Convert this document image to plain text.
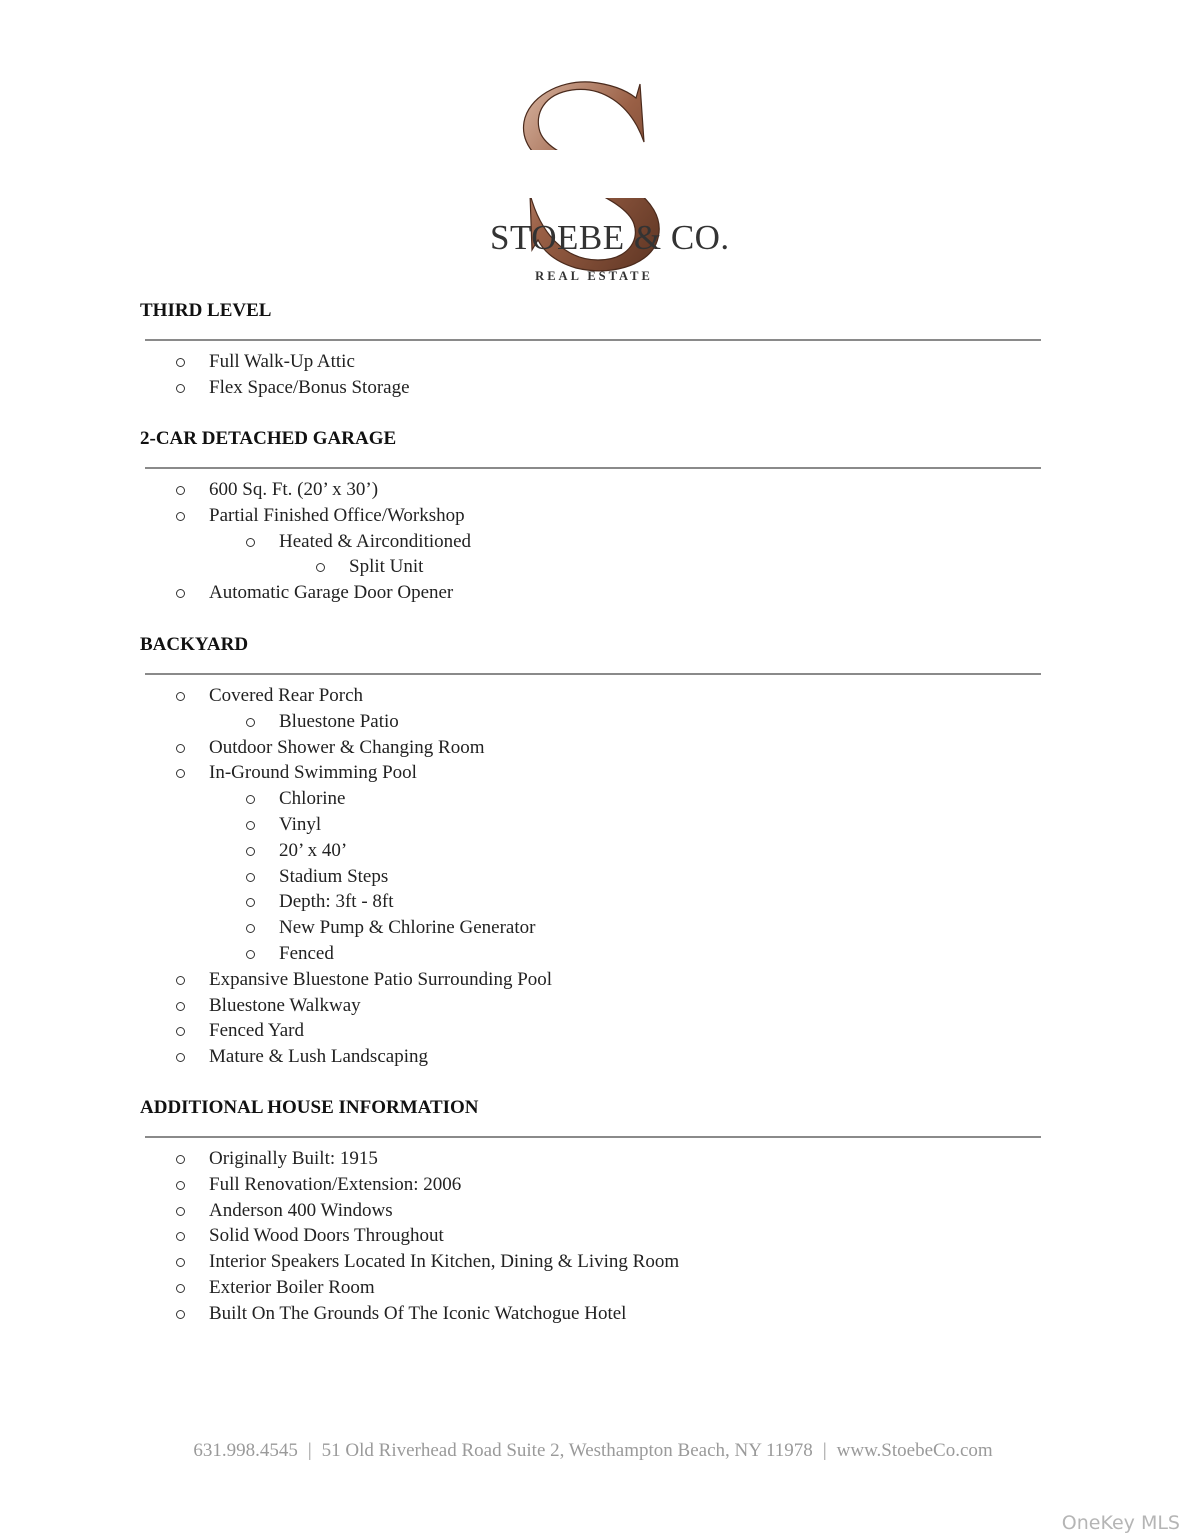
STOEBE & CO.
REAL ESTATE
THIRD LEVEL
Full Walk-Up Attic
Flex Space/Bonus Storage
2-CAR DETACHED GARAGE
600 Sq. Ft. (20’ x 30’)
Partial Finished Office/Workshop
Heated & Airconditioned
Split Unit
Automatic Garage Door Opener
BACKYARD
Covered Rear Porch
Bluestone Patio
Outdoor Shower & Changing Room
In-Ground Swimming Pool
Chlorine
Vinyl
20’ x 40’
Stadium Steps
Depth: 3ft - 8ft
New Pump & Chlorine Generator
Fenced
Expansive Bluestone Patio Surrounding Pool
Bluestone Walkway
Fenced Yard
Mature & Lush Landscaping
ADDITIONAL HOUSE INFORMATION
Originally Built: 1915
Full Renovation/Extension: 2006
Anderson 400 Windows
Solid Wood Doors Throughout
Interior Speakers Located In Kitchen, Dining & Living Room
Exterior Boiler Room
Built On The Grounds Of The Iconic Watchogue Hotel
631.998.4545 | 51 Old Riverhead Road Suite 2, Westhampton Beach, NY 11978 | www.StoebeCo.com
OneKey MLS
